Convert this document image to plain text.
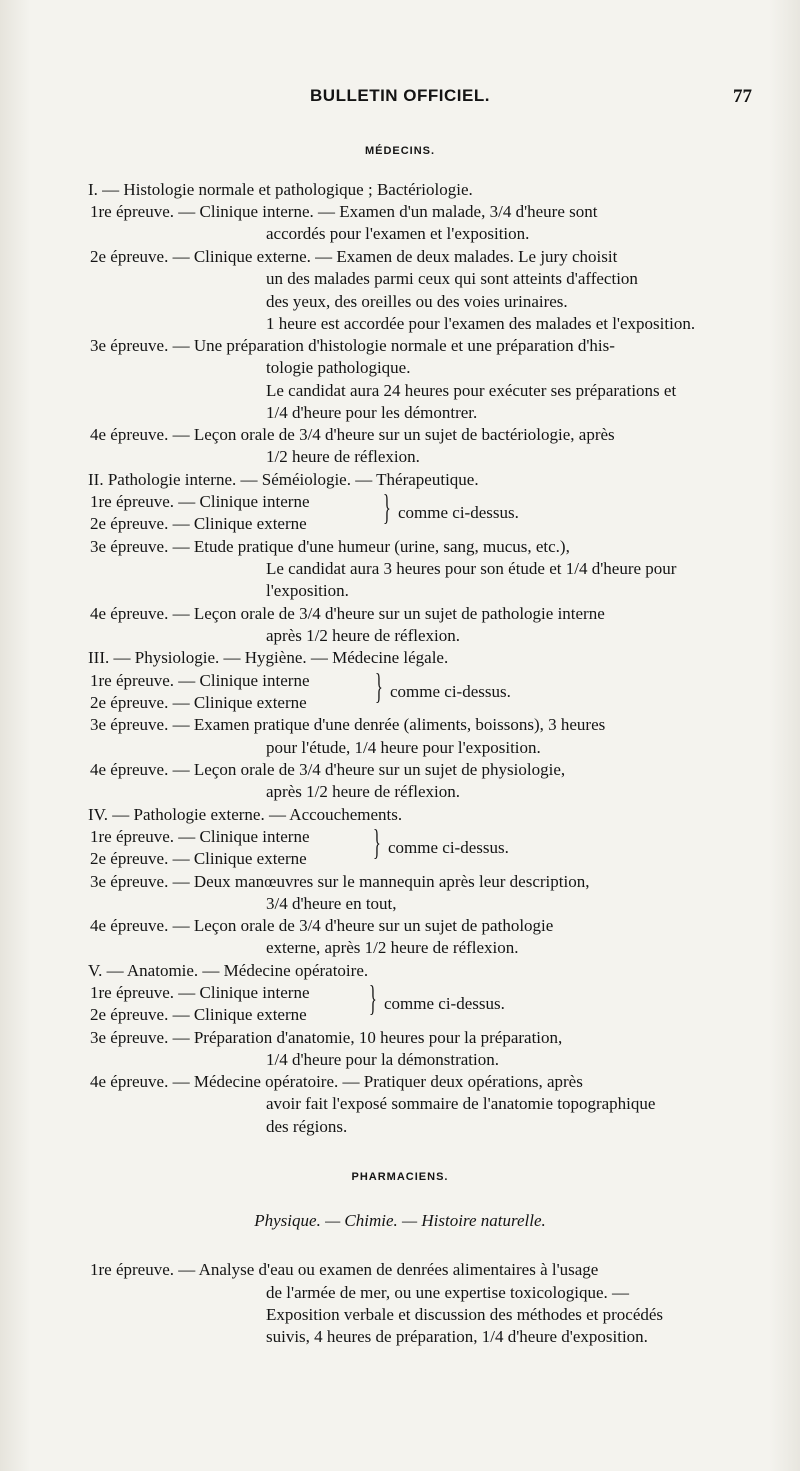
BULLETIN OFFICIEL.	77
MÉDECINS.
I. — Histologie normale et pathologique ; Bactériologie.
1re épreuve. — Clinique interne. — Examen d'un malade, 3/4 d'heure sont
accordés pour l'examen et l'exposition.
2e épreuve. — Clinique externe. — Examen de deux malades. Le jury choisit
un des malades parmi ceux qui sont atteints d'affection
des yeux, des oreilles ou des voies urinaires.
1 heure est accordée pour l'examen des malades et l'exposition.
3e épreuve. — Une préparation d'histologie normale et une préparation d'his-
tologie pathologique.
Le candidat aura 24 heures pour exécuter ses préparations et
1/4 d'heure pour les démontrer.
4e épreuve. — Leçon orale de 3/4 d'heure sur un sujet de bactériologie, après
1/2 heure de réflexion.
II. Pathologie interne. — Séméiologie. — Thérapeutique.
1re épreuve. — Clinique interne
2e épreuve. — Clinique externe } comme ci-dessus.
3e épreuve. — Etude pratique d'une humeur (urine, sang, mucus, etc.),
Le candidat aura 3 heures pour son étude et 1/4 d'heure pour
l'exposition.
4e épreuve. — Leçon orale de 3/4 d'heure sur un sujet de pathologie interne
après 1/2 heure de réflexion.
III. — Physiologie. — Hygiène. — Médecine légale.
1re épreuve. — Clinique interne
2e épreuve. — Clinique externe } comme ci-dessus.
3e épreuve. — Examen pratique d'une denrée (aliments, boissons), 3 heures
pour l'étude, 1/4 heure pour l'exposition.
4e épreuve. — Leçon orale de 3/4 d'heure sur un sujet de physiologie,
après 1/2 heure de réflexion.
IV. — Pathologie externe. — Accouchements.
1re épreuve. — Clinique interne
2e épreuve. — Clinique externe } comme ci-dessus.
3e épreuve. — Deux manœuvres sur le mannequin après leur description,
3/4 d'heure en tout,
4e épreuve. — Leçon orale de 3/4 d'heure sur un sujet de pathologie
externe, après 1/2 heure de réflexion.
V. — Anatomie. — Médecine opératoire.
1re épreuve. — Clinique interne
2e épreuve. — Clinique externe } comme ci-dessus.
3e épreuve. — Préparation d'anatomie, 10 heures pour la préparation,
1/4 d'heure pour la démonstration.
4e épreuve. — Médecine opératoire. — Pratiquer deux opérations, après
avoir fait l'exposé sommaire de l'anatomie topographique
des régions.
PHARMACIENS.
Physique. — Chimie. — Histoire naturelle.
1re épreuve. — Analyse d'eau ou examen de denrées alimentaires à l'usage
de l'armée de mer, ou une expertise toxicologique. —
Exposition verbale et discussion des méthodes et procédés
suivis, 4 heures de préparation, 1/4 d'heure d'exposition.
